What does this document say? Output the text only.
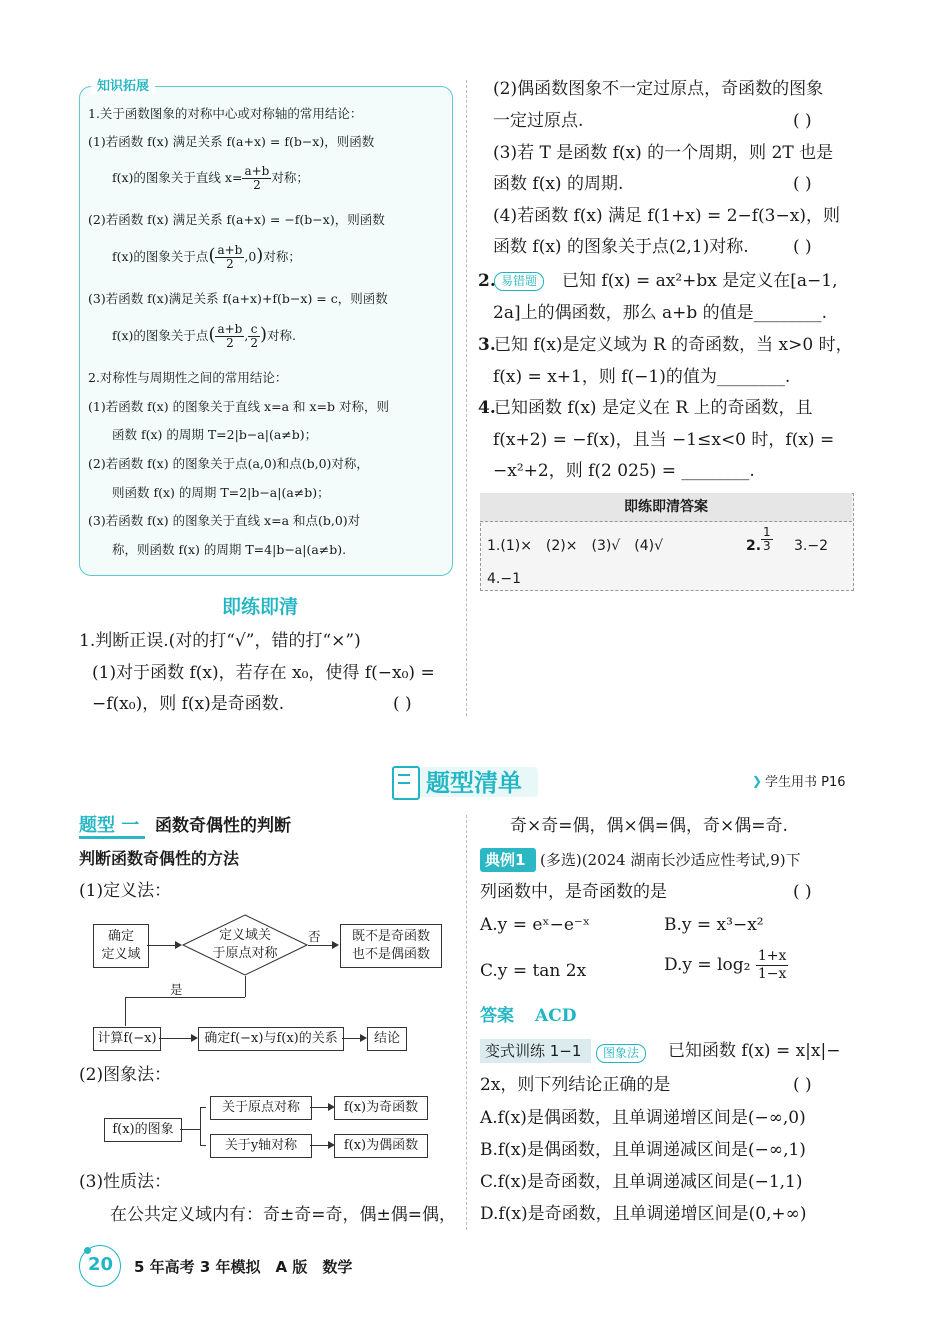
知识拓展
1.关于函数图象的对称中心或对称轴的常用结论：
(1)若函数 f(x) 满足关系 f(a+x) = f(b−x)，则函数
f(x)的图象关于直线 $x= \frac{a+b}{2}$ 对称；
(2)若函数 f(x) 满足关系 f(a+x) = −f(b−x)，则函数
f(x)的图象关于点( $\frac{a+b}{2} ,0$)对称；
(3)若函数 f(x)满足关系 f(a+x)+f(b−x) = c，则函数
f(x)的图象关于点( $\frac{a+b}{2}$ , $\frac{c}{2}$ )对称.
2.对称性与周期性之间的常用结论：
(1)若函数 f(x) 的图象关于直线 x=a 和 x=b 对称，则
函数 f(x) 的周期 T=2|b−a|(a≠b)；
(2)若函数 f(x) 的图象关于点(a,0)和点(b,0)对称，
则函数 f(x) 的周期 T=2|b−a|(a≠b)；
(3)若函数 f(x) 的图象关于直线 x=a 和点(b,0)对
称，则函数 f(x) 的周期 T=4|b−a|(a≠b).
即练即清
1.判断正误.(对的打“√”，错的打“×”)
(1)对于函数 f(x)，若存在 x₀，使得 f(−x₀) =
−f(x₀)，则 f(x)是奇函数.	( )
(2)偶函数图象不一定过原点，奇函数的图象
一定过原点.	( )
(3)若 T 是函数 f(x) 的一个周期，则 2T 也是
函数 f(x) 的周期.	( )
(4)若函数 f(x) 满足 f(1+x) = 2−f(3−x)，则
函数 f(x) 的图象关于点(2,1)对称.	( )
2. 易错题	已知 f(x) = ax²+bx 是定义在[a−1,
2a]上的偶函数，那么 a+b 的值是________.
3.
已知 f(x)是定义域为 R 的奇函数，当 x>0 时，
f(x) = x+1，则 f(−1)的值为________.
4.
已知函数 f(x) 是定义在 R 上的奇函数，且
f(x+2) = −f(x)，且当 −1≤x<0 时，f(x) =
−x²+2，则 f(2 025) = ________.
即练即清答案
1.(1)×　(2)×　(3)√　(4)√	2. $\frac{1}{3} 3.-2$
4.−1
题型清单	❯ 学生用书 P16
题型 一 函数奇偶性的判断
判断函数奇偶性的方法
(1)定义法：
确定
定义域
定义域关
于原点对称
否	既不是奇函数
也不是偶函数
是
计算f(−x)	确定f(−x)与f(x)的关系	结论
(2)图象法：
f(x)的图象
关于原点对称	f(x)为奇函数
关于y轴对称	f(x)为偶函数
(3)性质法：
在公共定义域内有：奇±奇=奇，偶±偶=偶，
奇×奇=偶，偶×偶=偶，奇×偶=奇.
典例1 (多选)(2024 湖南长沙适应性考试,9)下
列函数中，是奇函数的是	( )
A.y = eˣ−e⁻ˣ	B.y = x³−x²
C.y = tan 2x	$D.y = \log_2 \frac{1+x}{1-x}$
答案 ACD
变式训练 1−1	图象法	已知函数 f(x) = x|x|−
2x，则下列结论正确的是	( )
A.f(x)是偶函数，且单调递增区间是(−∞,0)
B.f(x)是偶函数，且单调递减区间是(−∞,1)
C.f(x)是奇函数，且单调递减区间是(−1,1)
D.f(x)是奇函数，且单调递增区间是(0,+∞)
20 5 年高考 3 年模拟　A 版　数学
